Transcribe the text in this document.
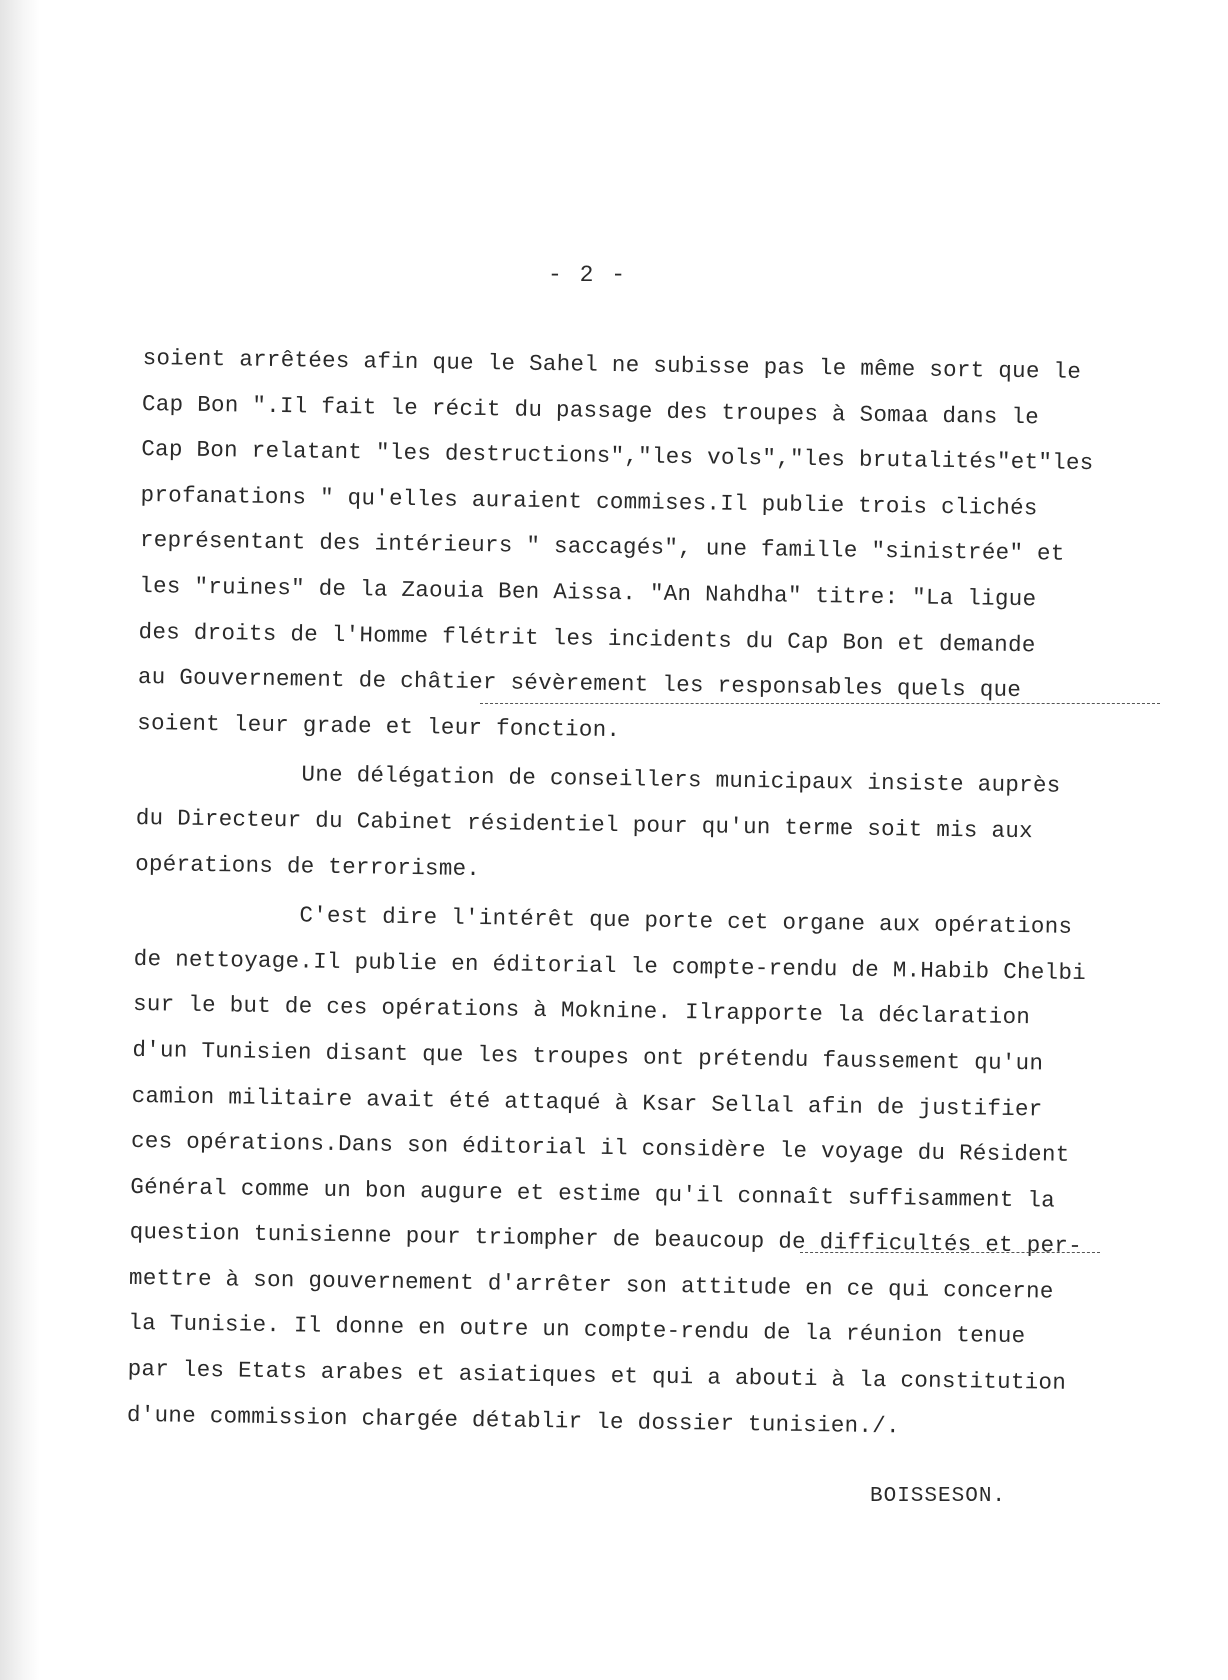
- 2 -
soient arrêtées afin que le Sahel ne subisse pas le même sort que le
Cap Bon ".Il fait le récit du passage des troupes à Somaa dans le
Cap Bon relatant "les destructions","les vols","les brutalités"et"les
profanations " qu'elles auraient commises.Il publie trois clichés
représentant des intérieurs " saccagés", une famille "sinistrée" et
les "ruines" de la Zaouia Ben Aissa. "An Nahdha" titre: "La ligue
des droits de l'Homme flétrit les incidents du Cap Bon et demande
au Gouvernement de châtier sévèrement les responsables quels que
soient leur grade et leur fonction.
Une délégation de conseillers municipaux insiste auprès
du Directeur du Cabinet résidentiel pour qu'un terme soit mis aux
opérations de terrorisme.
C'est dire l'intérêt que porte cet organe aux opérations
de nettoyage.Il publie en éditorial le compte-rendu de M.Habib Chelbi
sur le but de ces opérations à Moknine. Ilrapporte la déclaration
d'un Tunisien disant que les troupes ont prétendu faussement qu'un
camion militaire avait été attaqué à Ksar Sellal afin de justifier
ces opérations.Dans son éditorial il considère le voyage du Résident
Général comme un bon augure et estime qu'il connaît suffisamment la
question tunisienne pour triompher de beaucoup de difficultés et per-
mettre à son gouvernement d'arrêter son attitude en ce qui concerne
la Tunisie. Il donne en outre un compte-rendu de la réunion tenue
par les Etats arabes et asiatiques et qui a abouti à la constitution
d'une commission chargée détablir le dossier tunisien./.
BOISSESON.
